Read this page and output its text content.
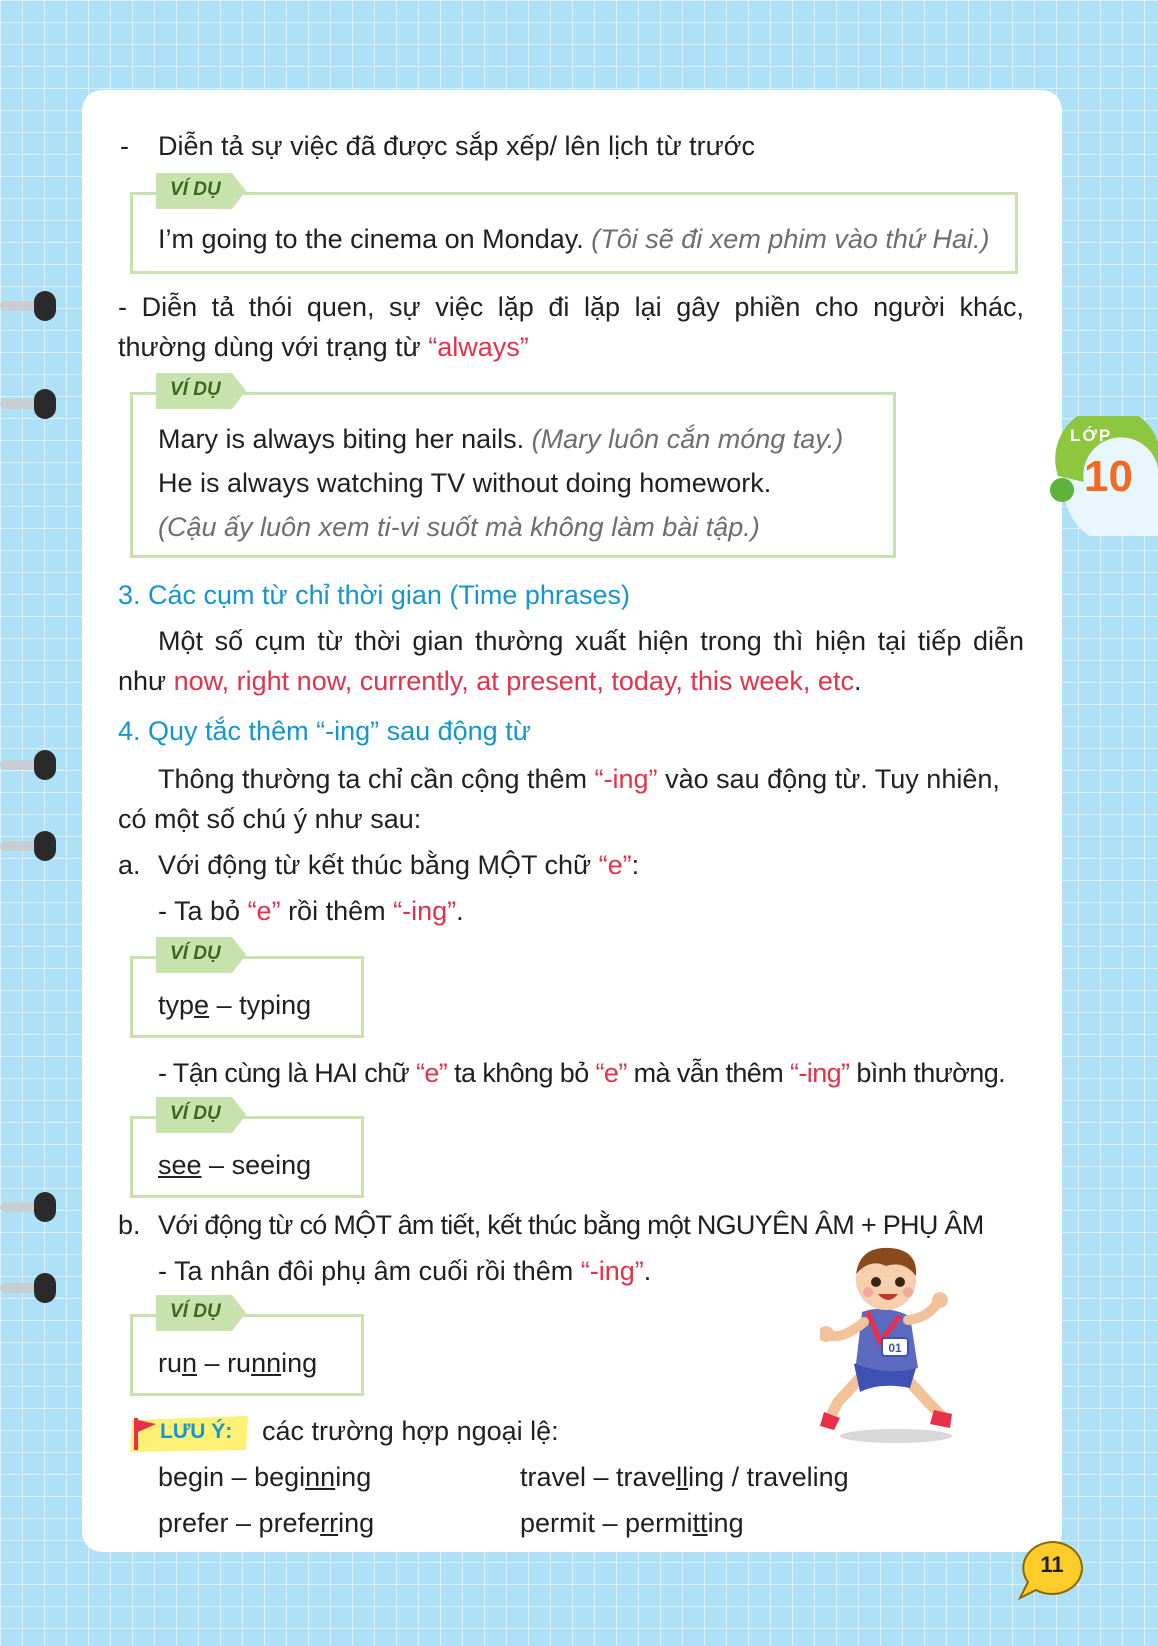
LỚP
10
- Diễn tả sự việc đã được sắp xếp/ lên lịch từ trước
VÍ DỤ
I’m going to the cinema on Monday. (Tôi sẽ đi xem phim vào thứ Hai.)
- Diễn tả thói quen, sự việc lặp đi lặp lại gây phiền cho người khác,
thường dùng với trạng từ “always”
VÍ DỤ
Mary is always biting her nails. (Mary luôn cắn móng tay.)
He is always watching TV without doing homework.
(Cậu ấy luôn xem ti-vi suốt mà không làm bài tập.)
3. Các cụm từ chỉ thời gian (Time phrases)
Một số cụm từ thời gian thường xuất hiện trong thì hiện tại tiếp diễn
như now, right now, currently, at present, today, this week, etc.
4. Quy tắc thêm “-ing” sau động từ
Thông thường ta chỉ cần cộng thêm “-ing” vào sau động từ. Tuy nhiên,
có một số chú ý như sau:
a. Với động từ kết thúc bằng MỘT chữ “e”:
- Ta bỏ “e” rồi thêm “-ing”.
VÍ DỤ
type – typing
- Tận cùng là HAI chữ “e” ta không bỏ “e” mà vẫn thêm “-ing” bình thường.
VÍ DỤ
see – seeing
b. Với động từ có MỘT âm tiết, kết thúc bằng một NGUYÊN ÂM + PHỤ ÂM
- Ta nhân đôi phụ âm cuối rồi thêm “-ing”.
VÍ DỤ
run – running	01
LƯU Ý: các trường hợp ngoại lệ:
begin – beginning
prefer – preferring
travel – travelling / traveling
permit – permitting
11
